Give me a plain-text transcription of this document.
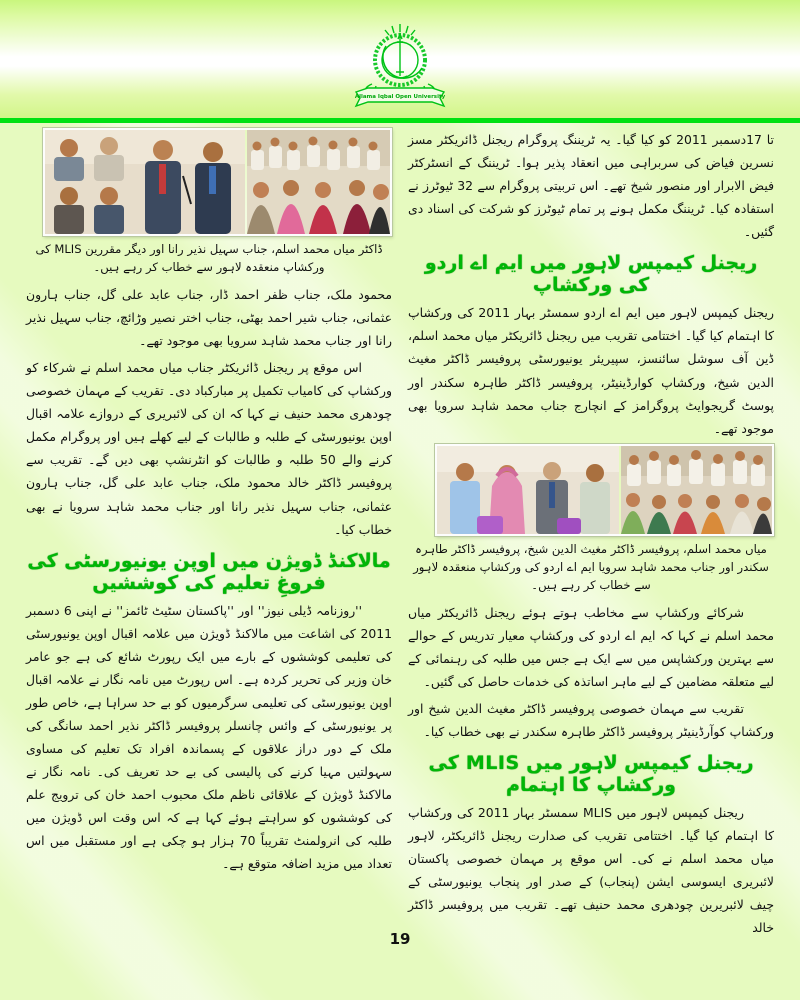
Allama Iqbal Open University

تا 17دسمبر 2011 کو کیا گیا۔ یہ ٹریننگ پروگرام ریجنل ڈائریکٹر مسز نسرین فیاض کی سربراہی میں انعقاد پذیر ہوا۔ ٹریننگ کے انسٹرکٹر فیض الابرار اور منصور شیخ تھے۔ اس تربیتی پروگرام سے 32 ٹیوٹرز نے استفادہ کیا۔ ٹریننگ مکمل ہونے پر تمام ٹیوٹرز کو شرکت کی اسناد دی گئیں۔

ریجنل کیمپس لاہور میں ایم اے اردو کی ورکشاپ

ریجنل کیمپس لاہور میں ایم اے اردو سمسٹر بہار 2011 کی ورکشاپ کا اہتمام کیا گیا۔ اختتامی تقریب میں ریجنل ڈائریکٹر میاں محمد اسلم، ڈین آف سوشل سائنسز، سپیریئر یونیورسٹی پروفیسر ڈاکٹر مغیث الدین شیخ، ورکشاپ کوارڈینیٹر، پروفیسر ڈاکٹر طاہرہ سکندر اور پوسٹ گریجوایٹ پروگرامز کے انچارج جناب محمد شاہد سرویا بھی موجود تھے۔

میاں محمد اسلم، پروفیسر ڈاکٹر مغیث الدین شیخ، پروفیسر ڈاکٹر طاہرہ سکندر اور جناب محمد شاہد سرویا ایم اے اردو کی ورکشاپ منعقدہ لاہور سے خطاب کر رہے ہیں۔

شرکائے ورکشاپ سے مخاطب ہوتے ہوئے ریجنل ڈائریکٹر میاں محمد اسلم نے کہا کہ ایم اے اردو کی ورکشاپ معیار تدریس کے حوالے سے بہترین ورکشاپس میں سے ایک ہے جس میں طلبہ کی رہنمائی کے لیے متعلقہ مضامین کے لیے ماہر اساتذہ کی خدمات حاصل کی گئیں۔

تقریب سے مہمان خصوصی پروفیسر ڈاکٹر مغیث الدین شیخ اور ورکشاپ کوآرڈینیٹر پروفیسر ڈاکٹر طاہرہ سکندر نے بھی خطاب کیا۔

ریجنل کیمپس لاہور میں MLIS کی ورکشاپ کا اہتمام

ریجنل کیمپس لاہور میں MLIS سمسٹر بہار 2011 کی ورکشاپ کا اہتمام کیا گیا۔ اختتامی تقریب کی صدارت ریجنل ڈائریکٹر، لاہور میاں محمد اسلم نے کی۔ اس موقع پر مہمان خصوصی پاکستان لائبریری ایسوسی ایشن (پنجاب) کے صدر اور پنجاب یونیورسٹی کے چیف لائبریرین چودھری محمد حنیف تھے۔ تقریب میں پروفیسر ڈاکٹر خالد

ڈاکٹر میاں محمد اسلم، جناب سہیل نذیر رانا اور دیگر مقررین MLIS کی ورکشاپ منعقدہ لاہور سے خطاب کر رہے ہیں۔

محمود ملک، جناب ظفر احمد ڈار، جناب عابد علی گل، جناب ہارون عثمانی، جناب شیر احمد بھٹی، جناب اختر نصیر وڑائچ، جناب سہیل نذیر رانا اور جناب محمد شاہد سرویا بھی موجود تھے۔

اس موقع پر ریجنل ڈائریکٹر جناب میاں محمد اسلم نے شرکاء کو ورکشاپ کی کامیاب تکمیل پر مبارکباد دی۔ تقریب کے مہمان خصوصی چودھری محمد حنیف نے کہا کہ ان کی لائبریری کے دروازے علامہ اقبال اوپن یونیورسٹی کے طلبہ و طالبات کے لیے کھلے ہیں اور پروگرام مکمل کرنے والے 50 طلبہ و طالبات کو انٹرنشپ بھی دیں گے۔ تقریب سے پروفیسر ڈاکٹر خالد محمود ملک، جناب عابد علی گل، جناب ہارون عثمانی، جناب سہیل نذیر رانا اور جناب محمد شاہد سرویا نے بھی خطاب کیا۔

مالاکنڈ ڈویژن میں اوپن یونیورسٹی کی فروغِ تعلیم کی کوششیں

''روزنامہ ڈیلی نیوز'' اور ''پاکستان سٹیٹ ٹائمز'' نے اپنی 6 دسمبر 2011 کی اشاعت میں مالاکنڈ ڈویژن میں علامہ اقبال اوپن یونیورسٹی کی تعلیمی کوششوں کے بارے میں ایک رپورٹ شائع کی ہے جو عامر خان وزیر کی تحریر کردہ ہے۔ اس رپورٹ میں نامہ نگار نے علامہ اقبال اوپن یونیورسٹی کی تعلیمی سرگرمیوں کو بے حد سراہا ہے، خاص طور پر یونیورسٹی کے وائس چانسلر پروفیسر ڈاکٹر نذیر احمد سانگی کی ملک کے دور دراز علاقوں کے پسماندہ افراد تک تعلیم کی مساوی سہولتیں مہیا کرنے کی پالیسی کی بے حد تعریف کی۔ نامہ نگار نے مالاکنڈ ڈویژن کے علاقائی ناظم ملک محبوب احمد خان کی ترویج علم کی کوششوں کو سراہتے ہوئے کہا ہے کہ اس وقت اس ڈویژن میں طلبہ کی انرولمنٹ تقریباً 70 ہزار ہو چکی ہے اور مستقبل میں اس تعداد میں مزید اضافہ متوقع ہے۔

19
